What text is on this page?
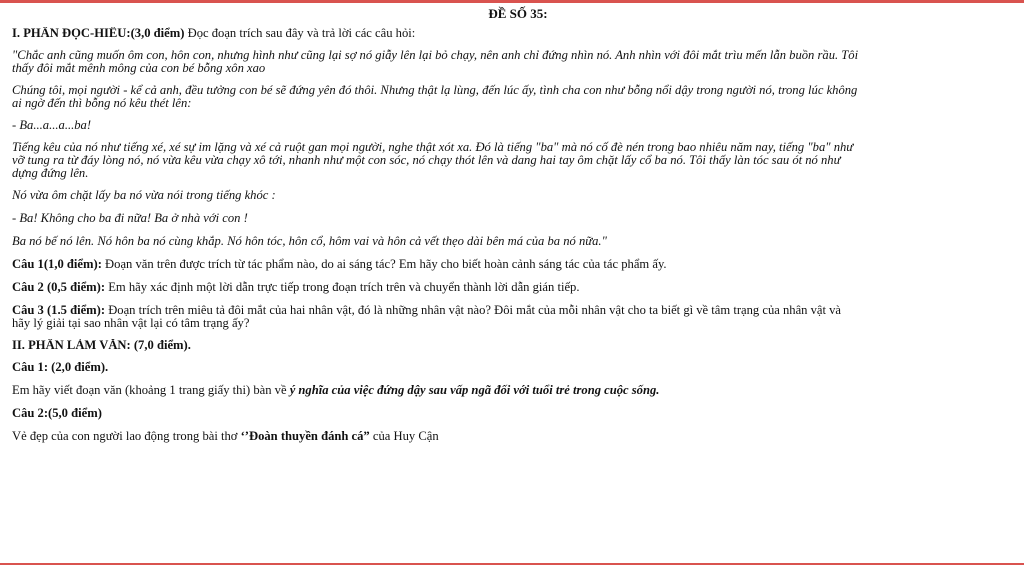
ĐỀ SỐ 35:
I. PHẦN ĐỌC-HIỂU:(3,0 điểm) Đọc đoạn trích sau đây và trả lời các câu hỏi:
"Chắc anh cũng muốn ôm con, hôn con, nhưng hình như cũng lại sợ nó giẫy lên lại bỏ chạy, nên anh chỉ đứng nhìn nó. Anh nhìn với đôi mắt trìu mến lẫn buồn rầu. Tôi
thấy đôi mắt mênh mông của con bé bỗng xôn xao
Chúng tôi, mọi người - kể cả anh, đều tưởng con bé sẽ đứng yên đó thôi. Nhưng thật lạ lùng, đến lúc ấy, tình cha con như bỗng nổi dậy trong người nó, trong lúc không
ai ngờ đến thì bỗng nó kêu thét lên:
- Ba...a...a...ba!
Tiếng kêu của nó như tiếng xé, xé sự im lặng và xé cả ruột gan mọi người, nghe thật xót xa. Đó là tiếng "ba" mà nó cố đè nén trong bao nhiêu năm nay, tiếng "ba" như
vỡ tung ra từ đáy lòng nó, nó vừa kêu vừa chạy xô tới, nhanh như một con sóc, nó chạy thót lên và dang hai tay ôm chặt lấy cổ ba nó. Tôi thấy làn tóc sau ót nó như
dựng đứng lên.
Nó vừa ôm chặt lấy ba nó vừa nói trong tiếng khóc :
- Ba! Không cho ba đi nữa! Ba ở nhà với con !
Ba nó bế nó lên. Nó hôn ba nó cùng khắp. Nó hôn tóc, hôn cổ, hôm vai và hôn cả vết thẹo dài bên má của ba nó nữa."
Câu 1(1,0 điểm): Đoạn văn trên được trích từ tác phẩm nào, do ai sáng tác? Em hãy cho biết hoàn cảnh sáng tác của tác phẩm ấy.
Câu 2 (0,5 điểm): Em hãy xác định một lời dẫn trực tiếp trong đoạn trích trên và chuyển thành lời dẫn gián tiếp.
Câu 3 (1.5 điểm): Đoạn trích trên miêu tả đôi mắt của hai nhân vật, đó là những nhân vật nào? Đôi mắt của mỗi nhân vật cho ta biết gì về tâm trạng của nhân vật và
hãy lý giải tại sao nhân vật lại có tâm trạng ấy?
II. PHẦN LÀM VĂN: (7,0 điểm).
Câu 1: (2,0 điểm).
Em hãy viết đoạn văn (khoảng 1 trang giấy thi) bàn về ý nghĩa của việc đứng dậy sau vấp ngã đối với tuổi trẻ trong cuộc sống.
Câu 2:(5,0 điểm)
Vẻ đẹp của con người lao động trong bài thơ ‘’Đoàn thuyền đánh cá” của Huy Cận
